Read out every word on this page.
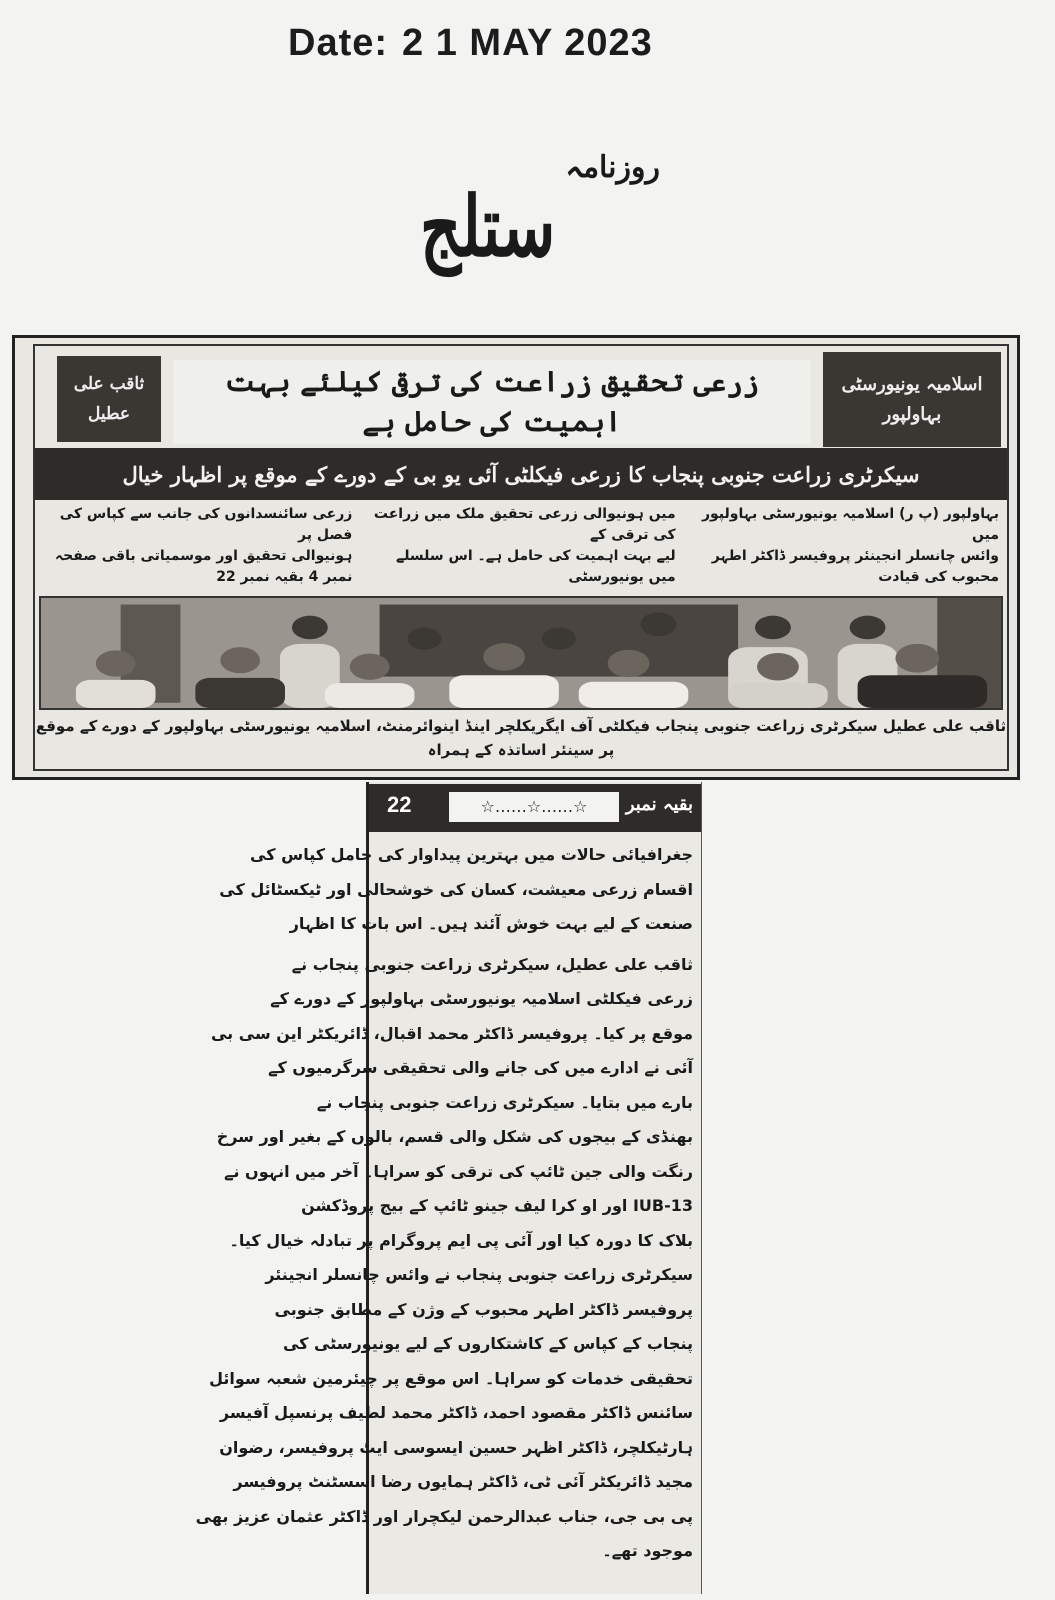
Date: 2 1 MAY 2023
روزنامہ
ستلج
اسلامیہ یونیورسٹی
بہاولپور
زرعی تحقیق زراعت کی ترقی کیلئے بہت اہمیت کی حامل ہے
ثاقب علی
عطیل
سیکرٹری زراعت جنوبی پنجاب کا زرعی فیکلٹی آئی یو بی کے دورے کے موقع پر اظہار خیال
بہاولپور (پ ر) اسلامیہ یونیورسٹی بہاولپور میں
وائس چانسلر انجینئر پروفیسر ڈاکٹر اطہر محبوب کی قیادت
میں ہونیوالی زرعی تحقیق ملک میں زراعت کی ترقی کے
لیے بہت اہمیت کی حامل ہے۔ اس سلسلے میں یونیورسٹی
زرعی سائنسدانوں کی جانب سے کپاس کی فصل پر
ہونیوالی تحقیق اور موسمیاتی باقی صفحہ نمبر 4 بقیہ نمبر 22
ثاقب علی عطیل سیکرٹری زراعت جنوبی پنجاب فیکلٹی آف ایگریکلچر اینڈ اینوائرمنٹ، اسلامیہ یونیورسٹی بہاولپور کے دورے کے موقع پر سینئر اساتذہ کے ہمراہ
22	☆……☆……☆	بقیہ نمبر
جغرافیائی حالات میں بہترین پیداوار کی حامل کپاس کی
اقسام زرعی معیشت، کسان کی خوشحالی اور ٹیکسٹائل کی
صنعت کے لیے بہت خوش آئند ہیں۔ اس بات کا اظہار
ثاقب علی عطیل، سیکرٹری زراعت جنوبی پنجاب نے
زرعی فیکلٹی اسلامیہ یونیورسٹی بہاولپور کے دورے کے
موقع پر کیا۔ پروفیسر ڈاکٹر محمد اقبال، ڈائریکٹر این سی بی
آئی نے ادارے میں کی جانے والی تحقیقی سرگرمیوں کے
بارے میں بتایا۔ سیکرٹری زراعت جنوبی پنجاب نے
بھنڈی کے بیجوں کی شکل والی قسم، بالوں کے بغیر اور سرخ
رنگت والی جین ٹائپ کی ترقی کو سراہا۔ آخر میں انہوں نے
IUB-13 اور او کرا لیف جینو ٹائپ کے بیج پروڈکشن
بلاک کا دورہ کیا اور آئی پی ایم پروگرام پر تبادلہ خیال کیا۔
سیکرٹری زراعت جنوبی پنجاب نے وائس چانسلر انجینئر
پروفیسر ڈاکٹر اطہر محبوب کے وژن کے مطابق جنوبی
پنجاب کے کپاس کے کاشتکاروں کے لیے یونیورسٹی کی
تحقیقی خدمات کو سراہا۔ اس موقع پر چیئرمین شعبہ سوائل
سائنس ڈاکٹر مقصود احمد، ڈاکٹر محمد لطیف پرنسپل آفیسر
ہارٹیکلچر، ڈاکٹر اظہر حسین ایسوسی ایٹ پروفیسر، رضوان
مجید ڈائریکٹر آئی ٹی، ڈاکٹر ہمایوں رضا اسسٹنٹ پروفیسر
پی بی جی، جناب عبدالرحمن لیکچرار اور ڈاکٹر عثمان عزیز بھی
موجود تھے۔
